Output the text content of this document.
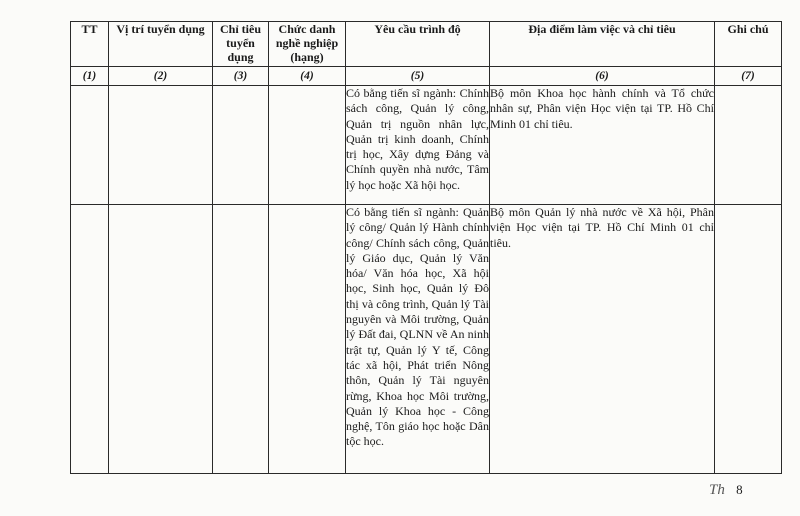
TT	Vị trí tuyển dụng	Chỉ tiêu tuyển dụng	Chức danh nghề nghiệp (hạng)	Yêu cầu trình độ	Địa điểm làm việc và chỉ tiêu	Ghi chú
(1)	(2)	(3)	(4)	(5)	(6)	(7)
				Có bằng tiến sĩ ngành: Chính sách công, Quản lý công, Quản trị nguồn nhân lực, Quản trị kinh doanh, Chính trị học, Xây dựng Đảng và Chính quyền nhà nước, Tâm lý học hoặc Xã hội học.	Bộ môn Khoa học hành chính và Tổ chức nhân sự, Phân viện Học viện tại TP. Hồ Chí Minh 01 chỉ tiêu.	
				Có bằng tiến sĩ ngành: Quản lý công/ Quản lý Hành chính công/ Chính sách công, Quản lý Giáo dục, Quản lý Văn hóa/ Văn hóa học, Xã hội học, Sinh học, Quản lý Đô thị và công trình, Quản lý Tài nguyên và Môi trường, Quản lý Đất đai, QLNN về An ninh trật tự, Quản lý Y tế, Công tác xã hội, Phát triển Nông thôn, Quản lý Tài nguyên rừng, Khoa học Môi trường, Quản lý Khoa học - Công nghệ, Tôn giáo học hoặc Dân tộc học.	Bộ môn Quản lý nhà nước về Xã hội, Phân viện Học viện tại TP. Hồ Chí Minh 01 chỉ tiêu.	
Th 8
